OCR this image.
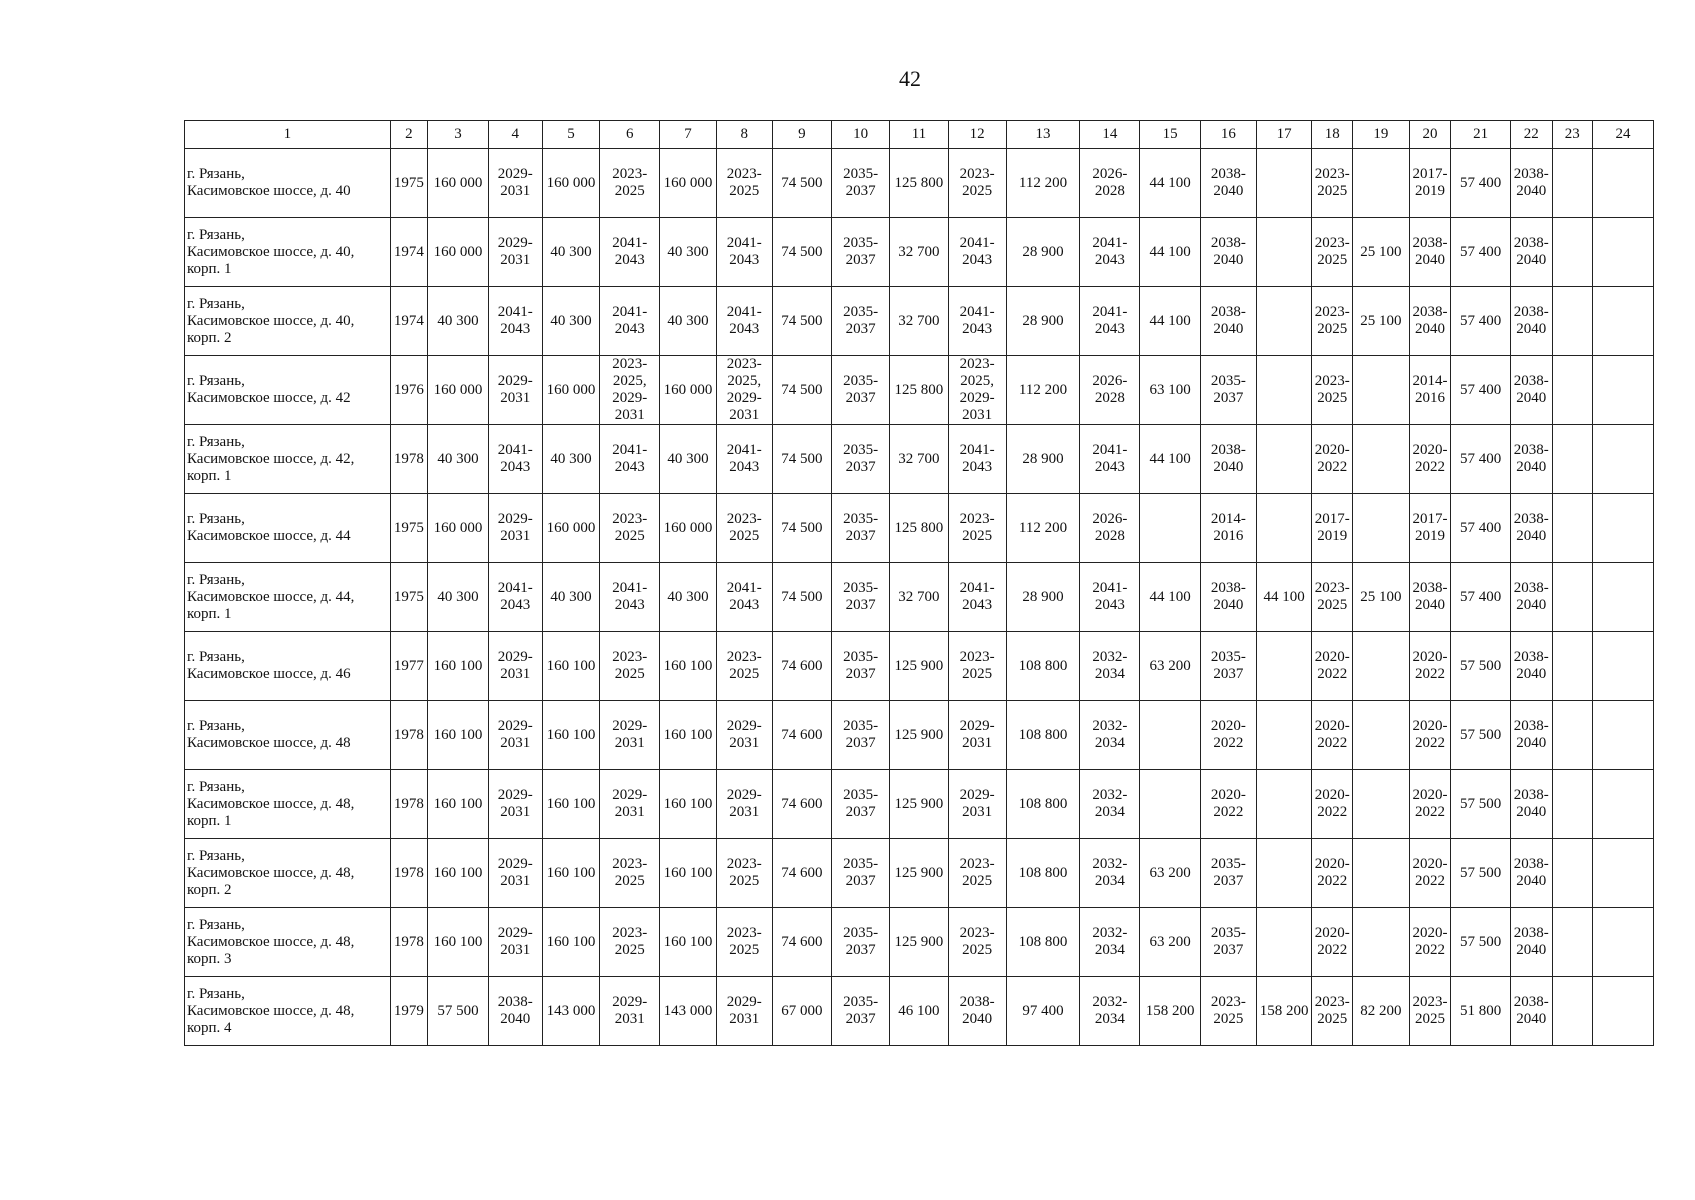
42
1	2	3	4	5	6	7	8	9	10	11	12	13	14	15	16	17	18	19	20	21	22	23	24

г. Рязань,
Касимовское шоссе, д. 40	1975	160 000	2029-
2031	160 000	2023-
2025	160 000	2023-
2025	74 500	2035-
2037	125 800	2023-
2025	112 200	2026-
2028	44 100	2038-
2040		2023-
2025		2017-
2019	57 400	2038-
2040		

г. Рязань,
Касимовское шоссе, д. 40,
корп. 1	1974	160 000	2029-
2031	40 300	2041-
2043	40 300	2041-
2043	74 500	2035-
2037	32 700	2041-
2043	28 900	2041-
2043	44 100	2038-
2040		2023-
2025	25 100	2038-
2040	57 400	2038-
2040		

г. Рязань,
Касимовское шоссе, д. 40,
корп. 2	1974	40 300	2041-
2043	40 300	2041-
2043	40 300	2041-
2043	74 500	2035-
2037	32 700	2041-
2043	28 900	2041-
2043	44 100	2038-
2040		2023-
2025	25 100	2038-
2040	57 400	2038-
2040		

г. Рязань,
Касимовское шоссе, д. 42	1976	160 000	2029-
2031	160 000	2023-
2025,
2029-
2031	160 000	2023-
2025,
2029-
2031	74 500	2035-
2037	125 800	2023-
2025,
2029-
2031	112 200	2026-
2028	63 100	2035-
2037		2023-
2025		2014-
2016	57 400	2038-
2040		

г. Рязань,
Касимовское шоссе, д. 42,
корп. 1	1978	40 300	2041-
2043	40 300	2041-
2043	40 300	2041-
2043	74 500	2035-
2037	32 700	2041-
2043	28 900	2041-
2043	44 100	2038-
2040		2020-
2022		2020-
2022	57 400	2038-
2040		

г. Рязань,
Касимовское шоссе, д. 44	1975	160 000	2029-
2031	160 000	2023-
2025	160 000	2023-
2025	74 500	2035-
2037	125 800	2023-
2025	112 200	2026-
2028		2014-
2016		2017-
2019		2017-
2019	57 400	2038-
2040		

г. Рязань,
Касимовское шоссе, д. 44,
корп. 1	1975	40 300	2041-
2043	40 300	2041-
2043	40 300	2041-
2043	74 500	2035-
2037	32 700	2041-
2043	28 900	2041-
2043	44 100	2038-
2040	44 100	2023-
2025	25 100	2038-
2040	57 400	2038-
2040		

г. Рязань,
Касимовское шоссе, д. 46	1977	160 100	2029-
2031	160 100	2023-
2025	160 100	2023-
2025	74 600	2035-
2037	125 900	2023-
2025	108 800	2032-
2034	63 200	2035-
2037		2020-
2022		2020-
2022	57 500	2038-
2040		

г. Рязань,
Касимовское шоссе, д. 48	1978	160 100	2029-
2031	160 100	2029-
2031	160 100	2029-
2031	74 600	2035-
2037	125 900	2029-
2031	108 800	2032-
2034		2020-
2022		2020-
2022		2020-
2022	57 500	2038-
2040		

г. Рязань,
Касимовское шоссе, д. 48,
корп. 1	1978	160 100	2029-
2031	160 100	2029-
2031	160 100	2029-
2031	74 600	2035-
2037	125 900	2029-
2031	108 800	2032-
2034		2020-
2022		2020-
2022		2020-
2022	57 500	2038-
2040		

г. Рязань,
Касимовское шоссе, д. 48,
корп. 2	1978	160 100	2029-
2031	160 100	2023-
2025	160 100	2023-
2025	74 600	2035-
2037	125 900	2023-
2025	108 800	2032-
2034	63 200	2035-
2037		2020-
2022		2020-
2022	57 500	2038-
2040		

г. Рязань,
Касимовское шоссе, д. 48,
корп. 3	1978	160 100	2029-
2031	160 100	2023-
2025	160 100	2023-
2025	74 600	2035-
2037	125 900	2023-
2025	108 800	2032-
2034	63 200	2035-
2037		2020-
2022		2020-
2022	57 500	2038-
2040		

г. Рязань,
Касимовское шоссе, д. 48,
корп. 4	1979	57 500	2038-
2040	143 000	2029-
2031	143 000	2029-
2031	67 000	2035-
2037	46 100	2038-
2040	97 400	2032-
2034	158 200	2023-
2025	158 200	2023-
2025	82 200	2023-
2025	51 800	2038-
2040		
